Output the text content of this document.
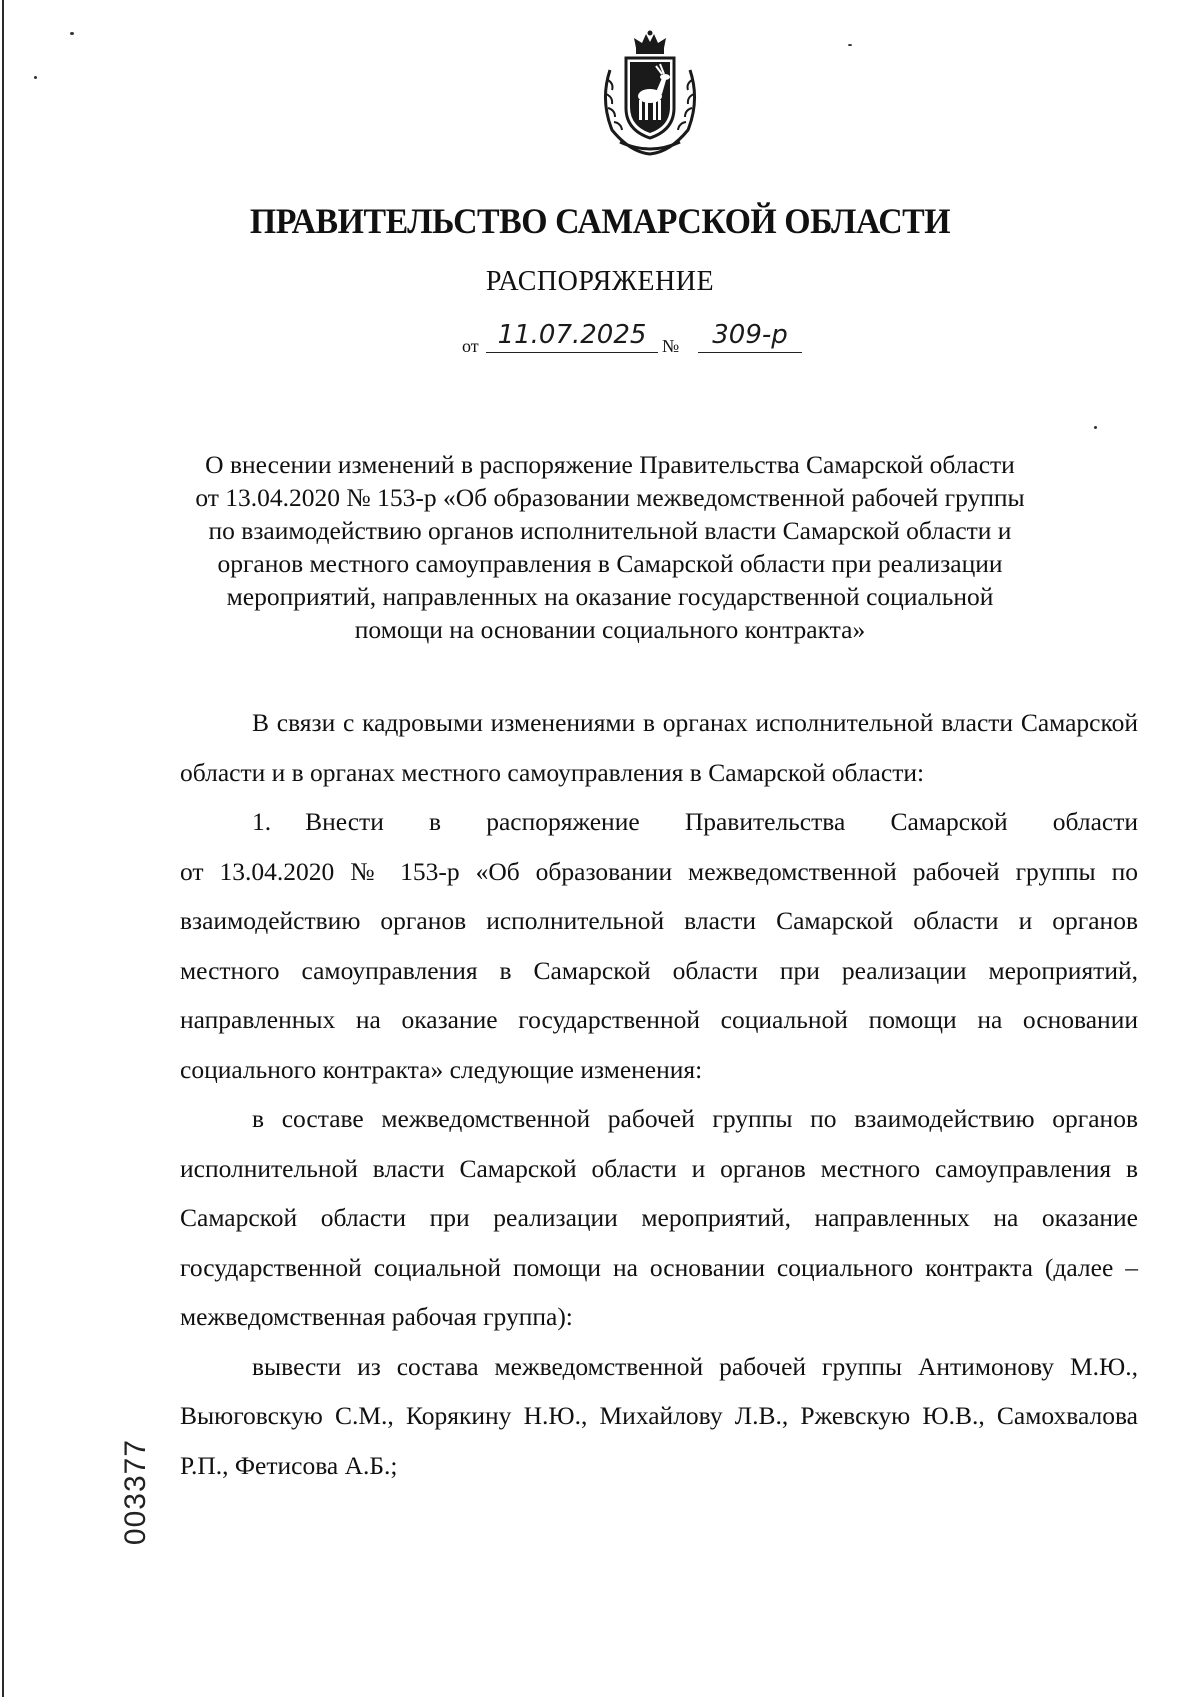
ПРАВИТЕЛЬСТВО САМАРСКОЙ ОБЛАСТИ
РАСПОРЯЖЕНИЕ
от 11.07.2025 №	309-р
О внесении изменений в распоряжение Правительства Самарской области
от 13.04.2020 № 153-р «Об образовании межведомственной рабочей группы
по взаимодействию органов исполнительной власти Самарской области и
органов местного самоуправления в Самарской области при реализации
мероприятий, направленных на оказание государственной социальной
помощи на основании социального контракта»

В связи с кадровыми изменениями в органах исполнительной власти Самарской области и в органах местного самоуправления в Самарской области:

1. Внести в распоряжение Правительства Самарской области

от 13.04.2020 № 153-р «Об образовании межведомственной рабочей группы по взаимодействию органов исполнительной власти Самарской области и органов местного самоуправления в Самарской области при реализации мероприятий, направленных на оказание государственной социальной помощи на основании социального контракта» следующие изменения:

в составе межведомственной рабочей группы по взаимодействию органов исполнительной власти Самарской области и органов местного самоуправления в Самарской области при реализации мероприятий, направленных на оказание государственной социальной помощи на основании социального контракта (далее – межведомственная рабочая группа):

вывести из состава межведомственной рабочей группы Антимонову М.Ю., Выюговскую С.М., Корякину Н.Ю., Михайлову Л.В., Ржевскую Ю.В., Самохвалова Р.П., Фетисова А.Б.;

003377
